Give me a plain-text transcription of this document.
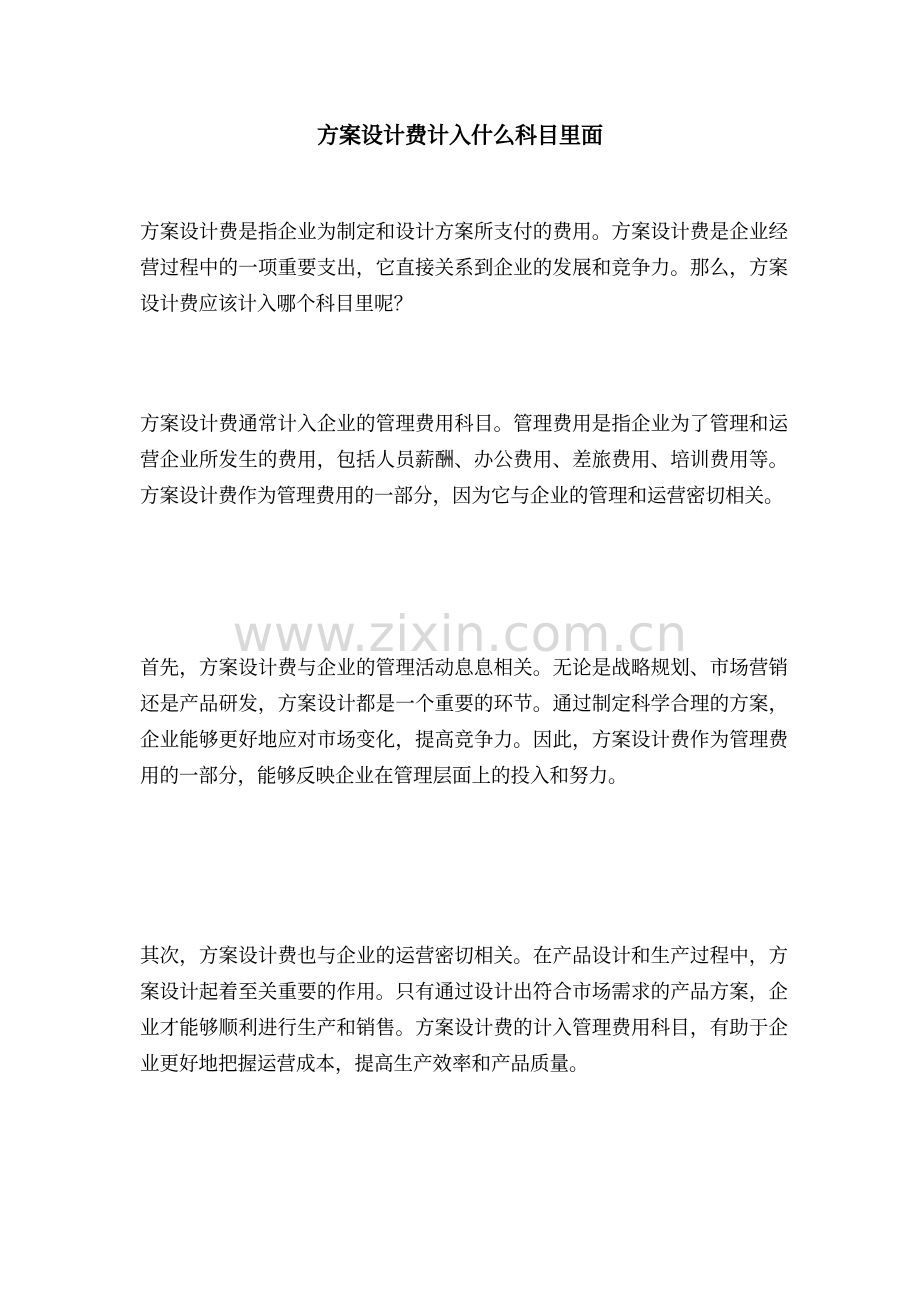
方案设计费计入什么科目里面

方案设计费是指企业为制定和设计方案所支付的费用。方案设计费是企业经营过程中的一项重要支出，它直接关系到企业的发展和竞争力。那么，方案设计费应该计入哪个科目里呢？

方案设计费通常计入企业的管理费用科目。管理费用是指企业为了管理和运营企业所发生的费用，包括人员薪酬、办公费用、差旅费用、培训费用等。方案设计费作为管理费用的一部分，因为它与企业的管理和运营密切相关。

www.zixin.com.cn

首先，方案设计费与企业的管理活动息息相关。无论是战略规划、市场营销还是产品研发，方案设计都是一个重要的环节。通过制定科学合理的方案，企业能够更好地应对市场变化，提高竞争力。因此，方案设计费作为管理费用的一部分，能够反映企业在管理层面上的投入和努力。

其次，方案设计费也与企业的运营密切相关。在产品设计和生产过程中，方案设计起着至关重要的作用。只有通过设计出符合市场需求的产品方案，企业才能够顺利进行生产和销售。方案设计费的计入管理费用科目，有助于企业更好地把握运营成本，提高生产效率和产品质量。
